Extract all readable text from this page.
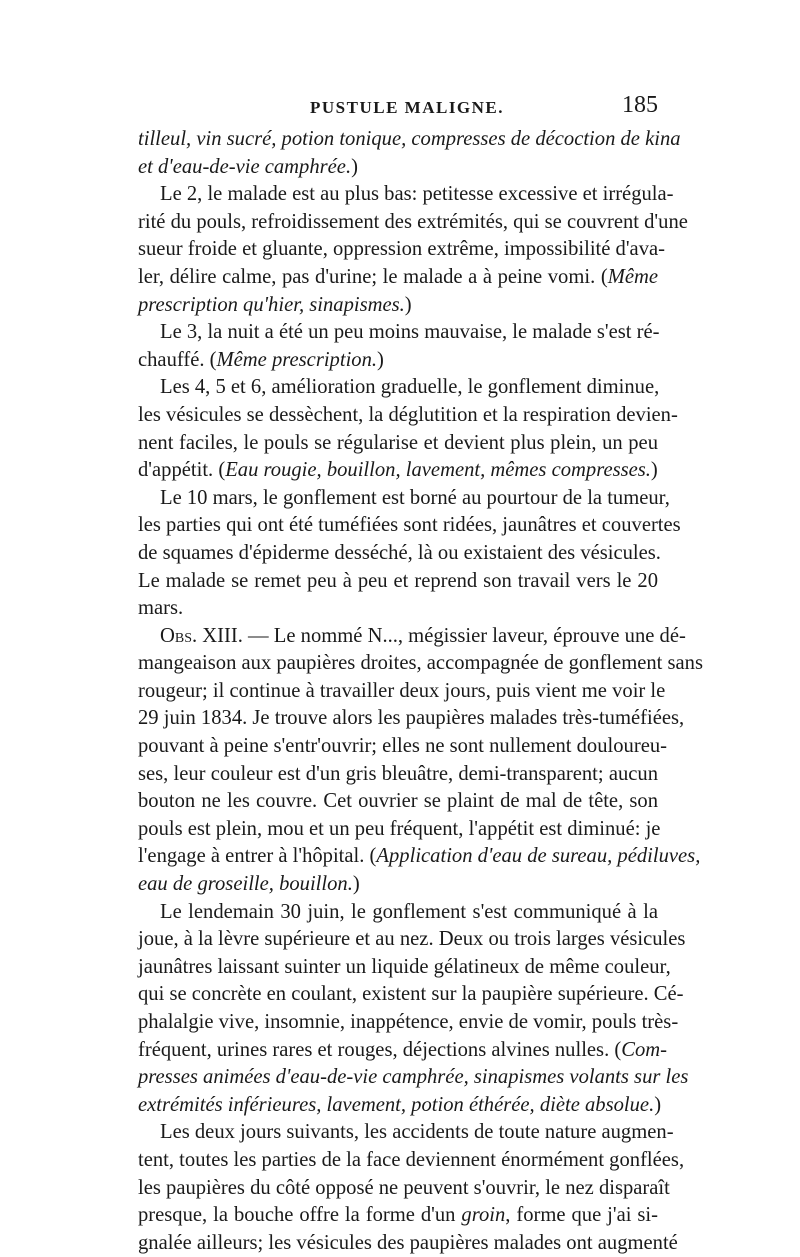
PUSTULE MALIGNE.	185
tilleul, vin sucré, potion tonique, compresses de décoction de kina
et d'eau-de-vie camphrée.)
Le 2, le malade est au plus bas: petitesse excessive et irrégula-
rité du pouls, refroidissement des extrémités, qui se couvrent d'une
sueur froide et gluante, oppression extrême, impossibilité d'ava-
ler, délire calme, pas d'urine; le malade a à peine vomi. (Même
prescription qu'hier, sinapismes.)
Le 3, la nuit a été un peu moins mauvaise, le malade s'est ré-
chauffé. (Même prescription.)
Les 4, 5 et 6, amélioration graduelle, le gonflement diminue,
les vésicules se dessèchent, la déglutition et la respiration devien-
nent faciles, le pouls se régularise et devient plus plein, un peu
d'appétit. (Eau rougie, bouillon, lavement, mêmes compresses.)
Le 10 mars, le gonflement est borné au pourtour de la tumeur,
les parties qui ont été tuméfiées sont ridées, jaunâtres et couvertes
de squames d'épiderme desséché, là ou existaient des vésicules.
Le malade se remet peu à peu et reprend son travail vers le 20
mars.
Obs. XIII. — Le nommé N..., mégissier laveur, éprouve une dé-
mangeaison aux paupières droites, accompagnée de gonflement sans
rougeur; il continue à travailler deux jours, puis vient me voir le
29 juin 1834. Je trouve alors les paupières malades très-tuméfiées,
pouvant à peine s'entr'ouvrir; elles ne sont nullement douloureu-
ses, leur couleur est d'un gris bleuâtre, demi-transparent; aucun
bouton ne les couvre. Cet ouvrier se plaint de mal de tête, son
pouls est plein, mou et un peu fréquent, l'appétit est diminué: je
l'engage à entrer à l'hôpital. (Application d'eau de sureau, pédiluves,
eau de groseille, bouillon.)
Le lendemain 30 juin, le gonflement s'est communiqué à la
joue, à la lèvre supérieure et au nez. Deux ou trois larges vésicules
jaunâtres laissant suinter un liquide gélatineux de même couleur,
qui se concrète en coulant, existent sur la paupière supérieure. Cé-
phalalgie vive, insomnie, inappétence, envie de vomir, pouls très-
fréquent, urines rares et rouges, déjections alvines nulles. (Com-
presses animées d'eau-de-vie camphrée, sinapismes volants sur les
extrémités inférieures, lavement, potion éthérée, diète absolue.)
Les deux jours suivants, les accidents de toute nature augmen-
tent, toutes les parties de la face deviennent énormément gonflées,
les paupières du côté opposé ne peuvent s'ouvrir, le nez disparaît
presque, la bouche offre la forme d'un groin, forme que j'ai si-
gnalée ailleurs; les vésicules des paupières malades ont augmenté
